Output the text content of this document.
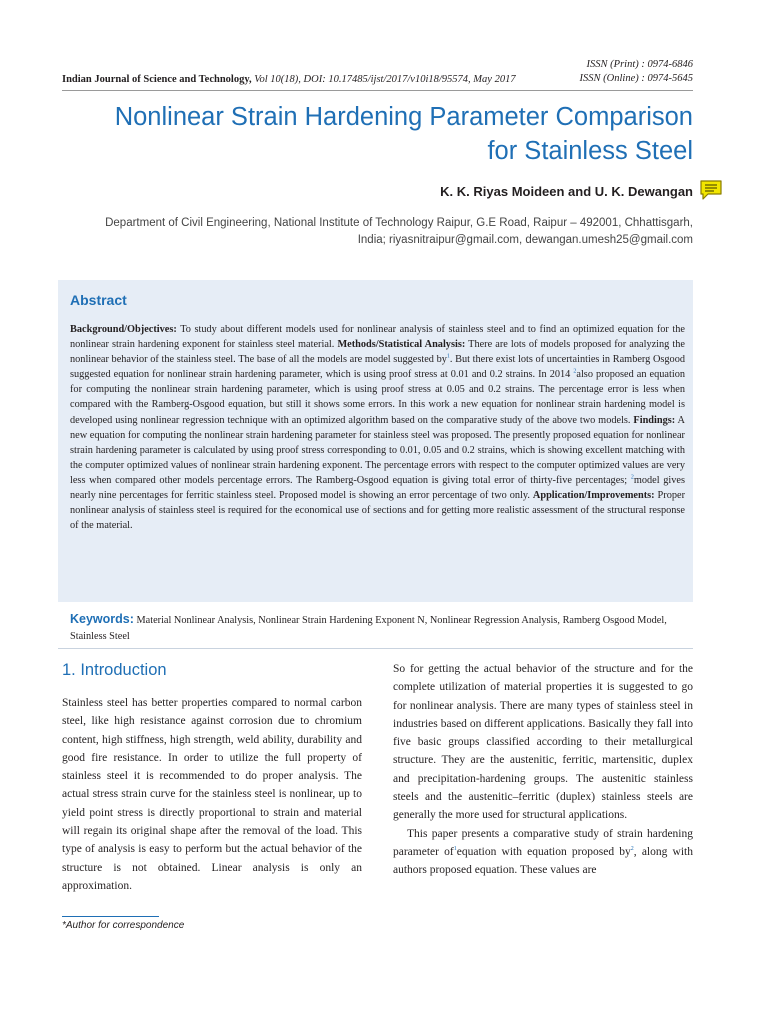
Indian Journal of Science and Technology, Vol 10(18), DOI: 10.17485/ijst/2017/v10i18/95574, May 2017
ISSN (Print) : 0974-6846
ISSN (Online) : 0974-5645
Nonlinear Strain Hardening Parameter Comparison
for Stainless Steel
K. K. Riyas Moideen and U. K. Dewangan
Department of Civil Engineering, National Institute of Technology Raipur, G.E Road, Raipur – 492001, Chhattisgarh,
India; riyasnitraipur@gmail.com, dewangan.umesh25@gmail.com
Abstract

Background/Objectives: To study about different models used for nonlinear analysis of stainless steel and to find an optimized equation for the nonlinear strain hardening exponent for stainless steel material. Methods/Statistical Analysis: There are lots of models proposed for analyzing the nonlinear behavior of the stainless steel. The base of all the models are model suggested $by^1$. But there exist lots of uncertainties in Ramberg Osgood suggested equation for nonlinear strain hardening parameter, which is using proof stress at 0.01 and 0.2 strains. In 2014 $^2$also proposed an equation for computing the nonlinear strain hardening parameter, which is using proof stress at 0.05 and 0.2 strains. The percentage error is less when compared with the Ramberg-Osgood equation, but still it shows some errors. In this work a new equation for nonlinear strain hardening model is developed using nonlinear regression technique with an optimized algorithm based on the comparative study of the above two models. Findings: A new equation for computing the nonlinear strain hardening parameter for stainless steel was proposed. The presently proposed equation for nonlinear strain hardening parameter is calculated by using proof stress corresponding to 0.01, 0.05 and 0.2 strains, which is showing excellent matching with the computer optimized values of nonlinear strain hardening exponent. The percentage errors with respect to the computer optimized values are very less when compared other models percentage errors. The Ramberg-Osgood equation is giving total error of thirty-five percentages; $^2$model gives nearly nine percentages for ferritic stainless steel. Proposed model is showing an error percentage of two only. Application/Improvements: Proper nonlinear analysis of stainless steel is required for the economical use of sections and for getting more realistic assessment of the structural response of the material.

Keywords: Material Nonlinear Analysis, Nonlinear Strain Hardening Exponent N, Nonlinear Regression Analysis, Ramberg Osgood Model, Stainless Steel
1. Introduction

Stainless steel has better properties compared to normal carbon steel, like high resistance against corrosion due to chromium content, high stiffness, high strength, weld ability, durability and good fire resistance. In order to utilize the full property of stainless steel it is recommended to do proper analysis. The actual stress strain curve for the stainless steel is nonlinear, up to yield point stress is directly proportional to strain and material will regain its original shape after the removal of the load. This type of analysis is easy to perform but the actual behavior of the structure is not obtained. Linear analysis is only an approximation.

So for getting the actual behavior of the structure and for the complete utilization of material properties it is suggested to go for nonlinear analysis. There are many types of stainless steel in industries based on different applications. Basically they fall into five basic groups classified according to their metallurgical structure. They are the austenitic, ferritic, martensitic, duplex and precipitation-hardening groups. The austenitic stainless steels and the austenitic–ferritic (duplex) stainless steels are generally the more used for structural applications.

This paper presents a comparative study of strain hardening parameter $of^1equation$ with equation proposed $by^2$, along with authors proposed equation. These values are

*Author for correspondence
